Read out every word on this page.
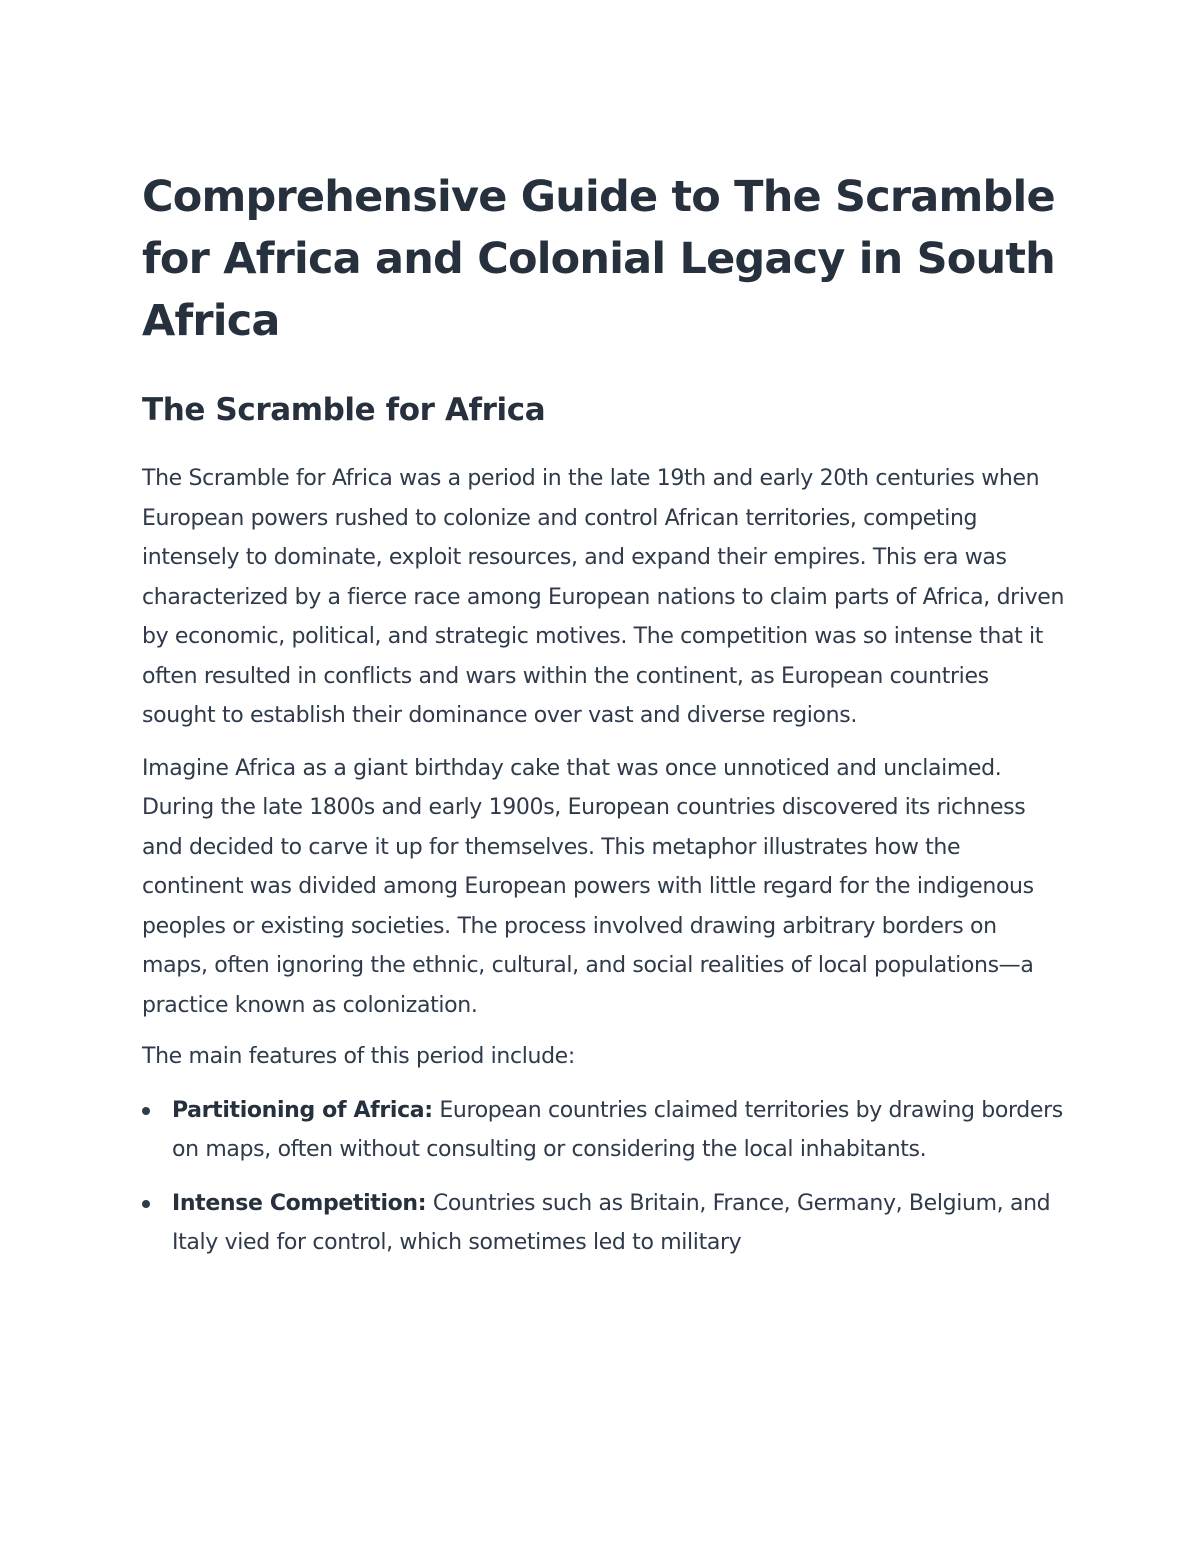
Comprehensive Guide to The Scramble for Africa and Colonial Legacy in South Africa
The Scramble for Africa

The Scramble for Africa was a period in the late 19th and early 20th centuries when European powers rushed to colonize and control African territories, competing intensely to dominate, exploit resources, and expand their empires. This era was characterized by a fierce race among European nations to claim parts of Africa, driven by economic, political, and strategic motives. The competition was so intense that it often resulted in conflicts and wars within the continent, as European countries sought to establish their dominance over vast and diverse regions.

Imagine Africa as a giant birthday cake that was once unnoticed and unclaimed. During the late 1800s and early 1900s, European countries discovered its richness and decided to carve it up for themselves. This metaphor illustrates how the continent was divided among European powers with little regard for the indigenous peoples or existing societies. The process involved drawing arbitrary borders on maps, often ignoring the ethnic, cultural, and social realities of local populations—a practice known as colonization.

The main features of this period include:

Partitioning of Africa: European countries claimed territories by drawing borders on maps, often without consulting or considering the local inhabitants.
Intense Competition: Countries such as Britain, France, Germany, Belgium, and Italy vied for control, which sometimes led to military
